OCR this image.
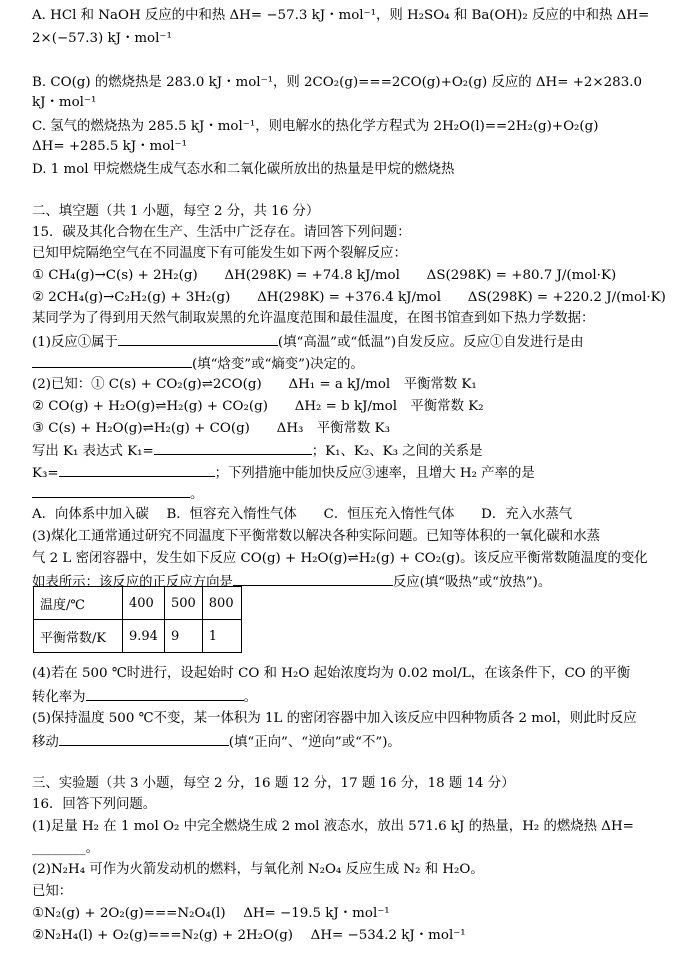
A. HCl 和 NaOH 反应的中和热 ΔH= −57.3 kJ・mol⁻¹，则 H₂SO₄ 和 Ba(OH)₂ 反应的中和热 ΔH=
2×(−57.3) kJ・mol⁻¹
B. CO(g) 的燃烧热是 283.0 kJ・mol⁻¹，则 2CO₂(g)===2CO(g)+O₂(g) 反应的 ΔH= +2×283.0
kJ・mol⁻¹
C. 氢气的燃烧热为 285.5 kJ・mol⁻¹，则电解水的热化学方程式为 2H₂O(l)==2H₂(g)+O₂(g)
ΔH= +285.5 kJ・mol⁻¹
D. 1 mol 甲烷燃烧生成气态水和二氧化碳所放出的热量是甲烷的燃烧热
二、填空题（共 1 小题，每空 2 分，共 16 分）
15．碳及其化合物在生产、生活中广泛存在。请回答下列问题：
已知甲烷隔绝空气在不同温度下有可能发生如下两个裂解反应：
① CH₄(g)→C(s) + 2H₂(g)　　ΔH(298K) = +74.8 kJ/mol　　ΔS(298K) = +80.7 J/(mol·K)
② 2CH₄(g)→C₂H₂(g) + 3H₂(g)　　ΔH(298K) = +376.4 kJ/mol　　ΔS(298K) = +220.2 J/(mol·K)
某同学为了得到用天然气制取炭黑的允许温度范围和最佳温度，在图书馆查到如下热力学数据：
(1)反应①属于	(填“高温”或“低温”)自发反应。反应①自发进行是由
(填“焓变”或“熵变”)决定的。
(2)已知：① C(s) + CO₂(g)⇌2CO(g)　　ΔH₁ = a kJ/mol　平衡常数 K₁
② CO(g) + H₂O(g)⇌H₂(g) + CO₂(g)　　ΔH₂ = b kJ/mol　平衡常数 K₂
③ C(s) + H₂O(g)⇌H₂(g) + CO(g)　　ΔH₃　平衡常数 K₃
写出 K₁ 表达式 K₁=	；K₁、K₂、K₃ 之间的关系是
K₃=	；下列措施中能加快反应③速率，且增大 H₂ 产率的是
。
A．向体系中加入碳　 B．恒容充入惰性气体　　C．恒压充入惰性气体　　D．充入水蒸气
(3)煤化工通常通过研究不同温度下平衡常数以解决各种实际问题。已知等体积的一氧化碳和水蒸
气 2 L 密闭容器中，发生如下反应 CO(g) + H₂O(g)⇌H₂(g) + CO₂(g)。该反应平衡常数随温度的变化
如表所示：该反应的正反应方向是	反应(填“吸热”或“放热”)。
温度/℃	400	500	800
平衡常数/K	9.94	9	1
(4)若在 500 ℃时进行，设起始时 CO 和 H₂O 起始浓度均为 0.02 mol/L，在该条件下，CO 的平衡
转化率为	。
(5)保持温度 500 ℃不变，某一体积为 1L 的密闭容器中加入该反应中四种物质各 2 mol，则此时反应
移动	(填“正向”、“逆向”或“不”)。
三、实验题（共 3 小题，每空 2 分，16 题 12 分，17 题 16 分，18 题 14 分）
16．回答下列问题。
(1)足量 H₂ 在 1 mol O₂ 中完全燃烧生成 2 mol 液态水，放出 571.6 kJ 的热量，H₂ 的燃烧热 ΔH=
________。
(2)N₂H₄ 可作为火箭发动机的燃料，与氧化剂 N₂O₄ 反应生成 N₂ 和 H₂O。
已知：
①N₂(g) + 2O₂(g)===N₂O₄(l)　 ΔH= −19.5 kJ・mol⁻¹
②N₂H₄(l) + O₂(g)===N₂(g) + 2H₂O(g)　 ΔH= −534.2 kJ・mol⁻¹
